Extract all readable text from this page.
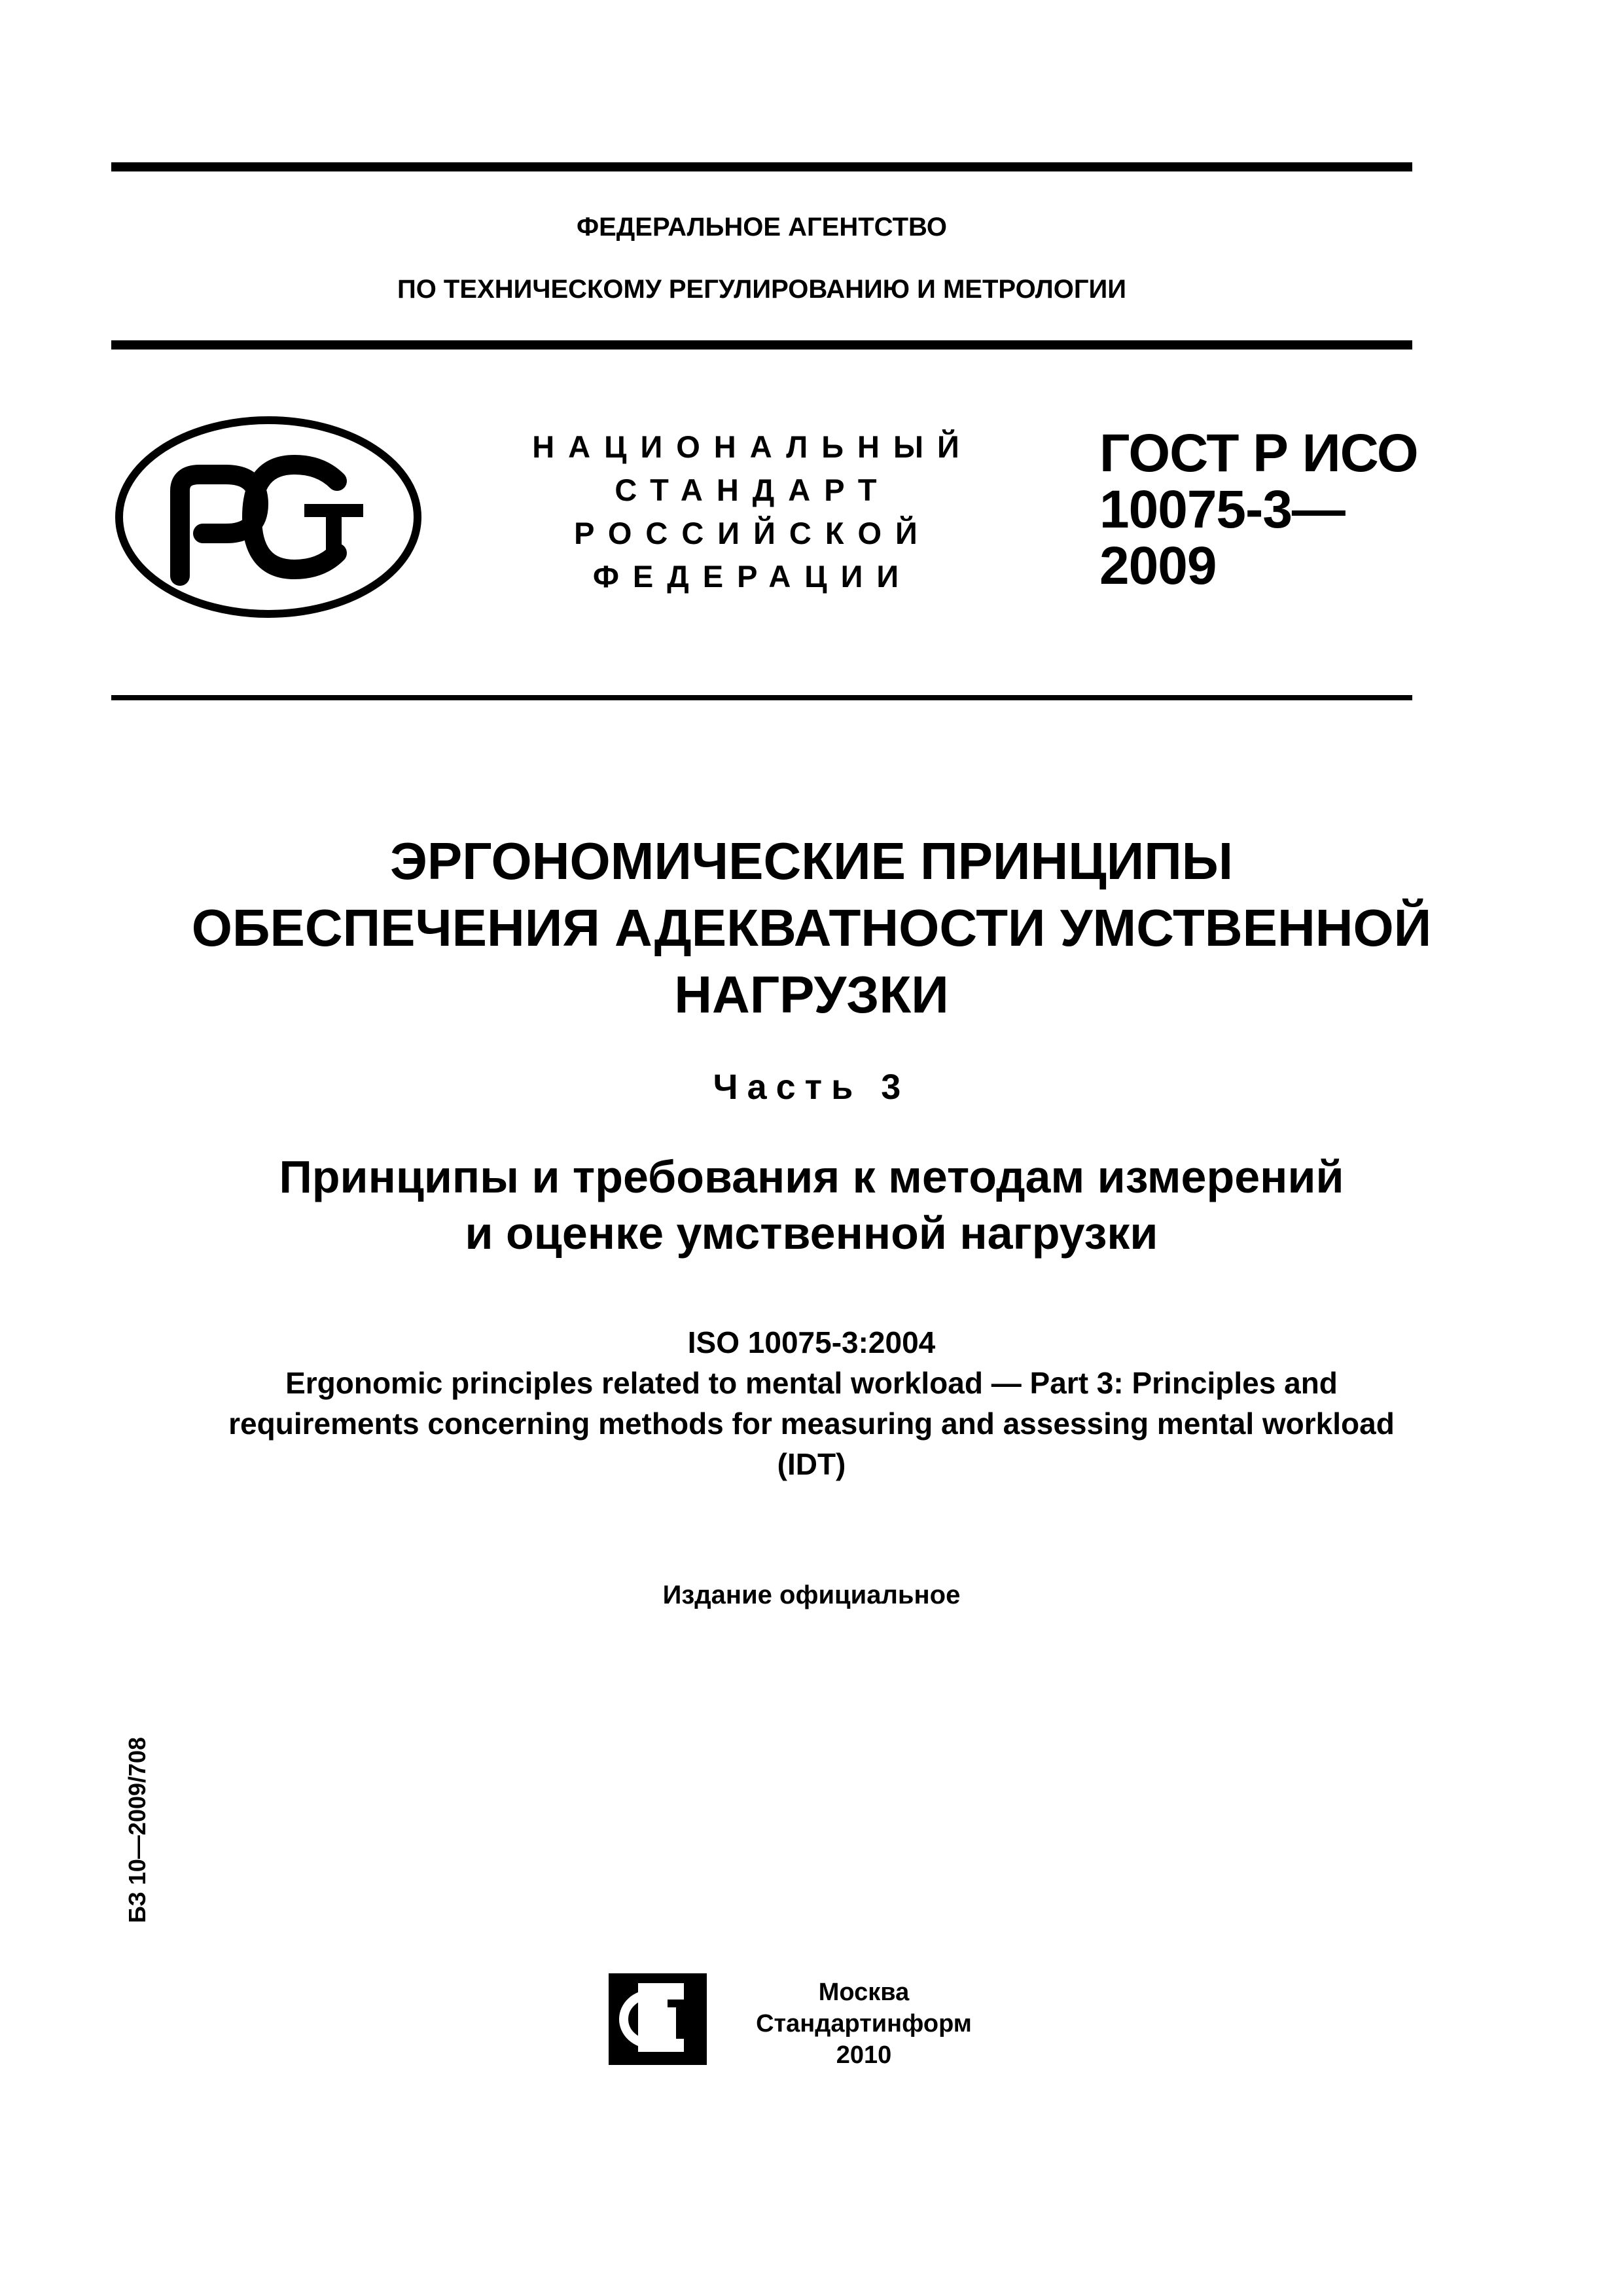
ФЕДЕРАЛЬНОЕ АГЕНТСТВО
ПО ТЕХНИЧЕСКОМУ РЕГУЛИРОВАНИЮ И МЕТРОЛОГИИ
НАЦИОНАЛЬНЫЙ
СТАНДАРТ
РОССИЙСКОЙ
ФЕДЕРАЦИИ
ГОСТ Р ИСО
10075-3—
2009
ЭРГОНОМИЧЕСКИЕ ПРИНЦИПЫ
ОБЕСПЕЧЕНИЯ АДЕКВАТНОСТИ УМСТВЕННОЙ
НАГРУЗКИ
Часть 3
Принципы и требования к методам измерений
и оценке умственной нагрузки
ISO 10075-3:2004
Ergonomic principles related to mental workload — Part 3: Principles and
requirements concerning methods for measuring and assessing mental workload
(IDT)
Издание официальное
БЗ 10—2009/708
Москва
Стандартинформ
2010
